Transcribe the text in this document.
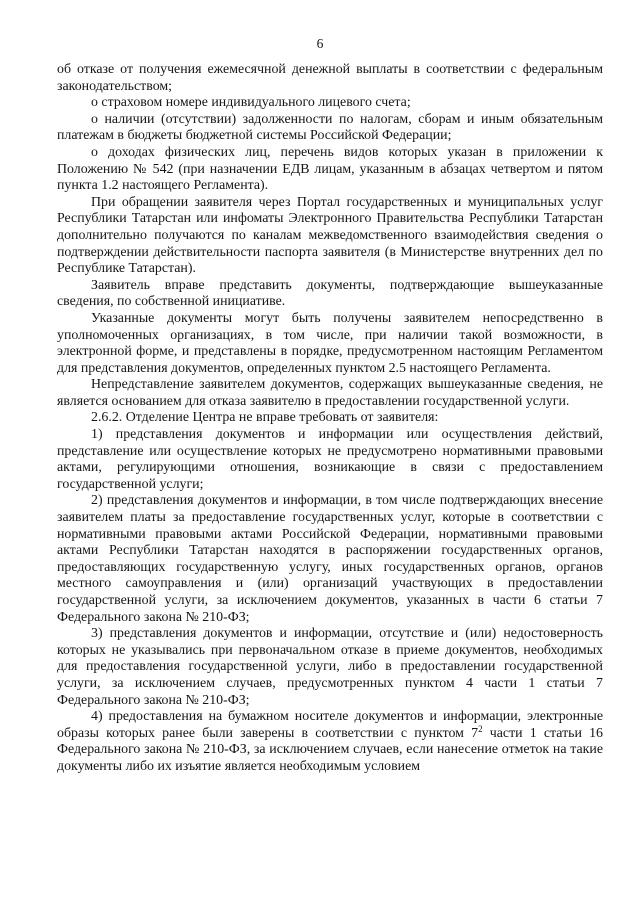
6

об отказе от получения ежемесячной денежной выплаты в соответствии с федеральным законодательством;

о страховом номере индивидуального лицевого счета;

о наличии (отсутствии) задолженности по налогам, сборам и иным обязательным платежам в бюджеты бюджетной системы Российской Федерации;

о доходах физических лиц, перечень видов которых указан в приложении к Положению № 542 (при назначении ЕДВ лицам, указанным в абзацах четвертом и пятом пункта 1.2 настоящего Регламента).

При обращении заявителя через Портал государственных и муниципальных услуг Республики Татарстан или инфоматы Электронного Правительства Республики Татарстан дополнительно получаются по каналам межведомственного взаимодействия сведения о подтверждении действительности паспорта заявителя (в Министерстве внутренних дел по Республике Татарстан).

Заявитель вправе представить документы, подтверждающие вышеуказанные сведения, по собственной инициативе.

Указанные документы могут быть получены заявителем непосредственно в уполномоченных организациях, в том числе, при наличии такой возможности, в электронной форме, и представлены в порядке, предусмотренном настоящим Регламентом для представления документов, определенных пунктом 2.5 настоящего Регламента.

Непредставление заявителем документов, содержащих вышеуказанные сведения, не является основанием для отказа заявителю в предоставлении государственной услуги.

2.6.2. Отделение Центра не вправе требовать от заявителя:

1) представления документов и информации или осуществления действий, представление или осуществление которых не предусмотрено нормативными правовыми актами, регулирующими отношения, возникающие в связи с предоставлением государственной услуги;

2) представления документов и информации, в том числе подтверждающих внесение заявителем платы за предоставление государственных услуг, которые в соответствии с нормативными правовыми актами Российской Федерации, нормативными правовыми актами Республики Татарстан находятся в распоряжении государственных органов, предоставляющих государственную услугу, иных государственных органов, органов местного самоуправления и (или) организаций участвующих в предоставлении государственной услуги, за исключением документов, указанных в части 6 статьи 7 Федерального закона № 210-ФЗ;

3) представления документов и информации, отсутствие и (или) недостоверность которых не указывались при первоначальном отказе в приеме документов, необходимых для предоставления государственной услуги, либо в предоставлении государственной услуги, за исключением случаев, предусмотренных пунктом 4 части 1 статьи 7 Федерального закона № 210-ФЗ;

4) предоставления на бумажном носителе документов и информации, электронные образы которых ранее были заверены в соответствии с пунктом $7^2$ части 1 статьи 16 Федерального закона № 210-ФЗ, за исключением случаев, если нанесение отметок на такие документы либо их изъятие является необходимым условием
